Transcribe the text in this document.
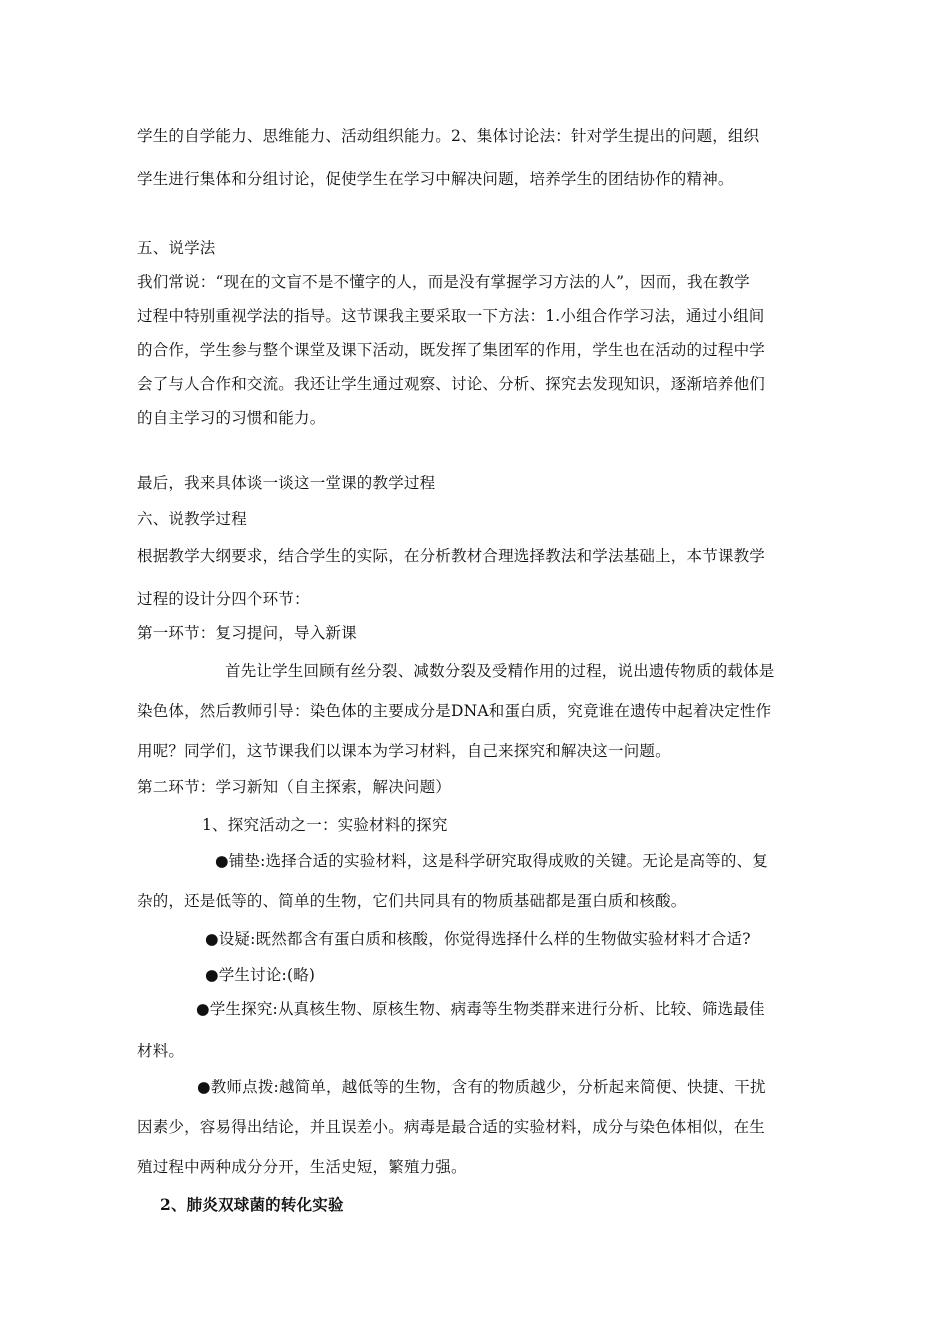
学生的自学能力、思维能力、活动组织能力。2、集体讨论法：针对学生提出的问题，组织
学生进行集体和分组讨论，促使学生在学习中解决问题，培养学生的团结协作的精神。
五、说学法
我们常说：“现在的文盲不是不懂字的人，而是没有掌握学习方法的人”，因而，我在教学
过程中特别重视学法的指导。这节课我主要采取一下方法：1.小组合作学习法，通过小组间
的合作，学生参与整个课堂及课下活动，既发挥了集团军的作用，学生也在活动的过程中学
会了与人合作和交流。我还让学生通过观察、讨论、分析、探究去发现知识，逐渐培养他们
的自主学习的习惯和能力。
最后，我来具体谈一谈这一堂课的教学过程
六、说教学过程
根据教学大纲要求，结合学生的实际，在分析教材合理选择教法和学法基础上，本节课教学
过程的设计分四个环节：
第一环节：复习提问，导入新课
首先让学生回顾有丝分裂、减数分裂及受精作用的过程，说出遗传物质的载体是
染色体，然后教师引导：染色体的主要成分是DNA和蛋白质，究竟谁在遗传中起着决定性作
用呢？同学们，这节课我们以课本为学习材料，自己来探究和解决这一问题。
第二环节：学习新知（自主探索，解决问题）
1、探究活动之一：实验材料的探究
●铺垫:选择合适的实验材料，这是科学研究取得成败的关键。无论是高等的、复
杂的，还是低等的、简单的生物，它们共同具有的物质基础都是蛋白质和核酸。
●设疑:既然都含有蛋白质和核酸，你觉得选择什么样的生物做实验材料才合适?
●学生讨论:(略)
●学生探究:从真核生物、原核生物、病毒等生物类群来进行分析、比较、筛选最佳
材料。
●教师点拨:越简单，越低等的生物，含有的物质越少，分析起来简便、快捷、干扰
因素少，容易得出结论，并且误差小。病毒是最合适的实验材料，成分与染色体相似，在生
殖过程中两种成分分开，生活史短，繁殖力强。
2、肺炎双球菌的转化实验
